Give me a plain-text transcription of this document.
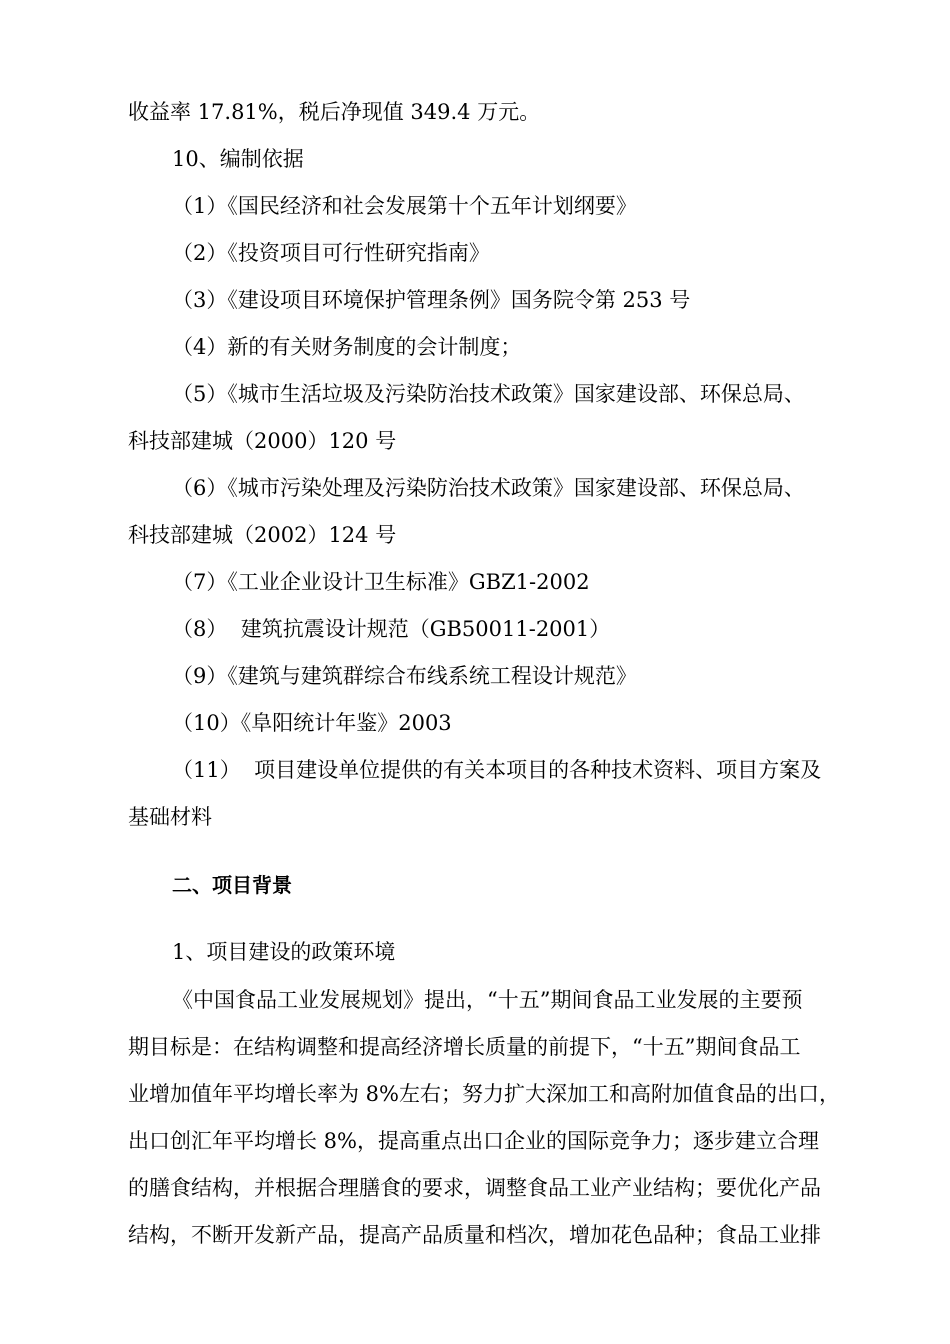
收益率 17.81%，税后净现值 349.4 万元。
10、编制依据
（1）《国民经济和社会发展第十个五年计划纲要》
（2）《投资项目可行性研究指南》
（3）《建设项目环境保护管理条例》国务院令第 253 号
（4）新的有关财务制度的会计制度；
（5）《城市生活垃圾及污染防治技术政策》国家建设部、环保总局、
科技部建城（2000）120 号
（6）《城市污染处理及污染防治技术政策》国家建设部、环保总局、
科技部建城（2002）124 号
（7）《工业企业设计卫生标准》GBZ1-2002
（8）  建筑抗震设计规范（GB50011-2001）
（9）《建筑与建筑群综合布线系统工程设计规范》
（10）《阜阳统计年鉴》2003
（11）  项目建设单位提供的有关本项目的各种技术资料、项目方案及
基础材料
二、项目背景
1、项目建设的政策环境
《中国食品工业发展规划》提出，“十五”期间食品工业发展的主要预
期目标是：在结构调整和提高经济增长质量的前提下，“十五”期间食品工
业增加值年平均增长率为 8%左右；努力扩大深加工和高附加值食品的出口，
出口创汇年平均增长 8%，提高重点出口企业的国际竞争力；逐步建立合理
的膳食结构，并根据合理膳食的要求，调整食品工业产业结构；要优化产品
结构，不断开发新产品，提高产品质量和档次，增加花色品种；食品工业排
